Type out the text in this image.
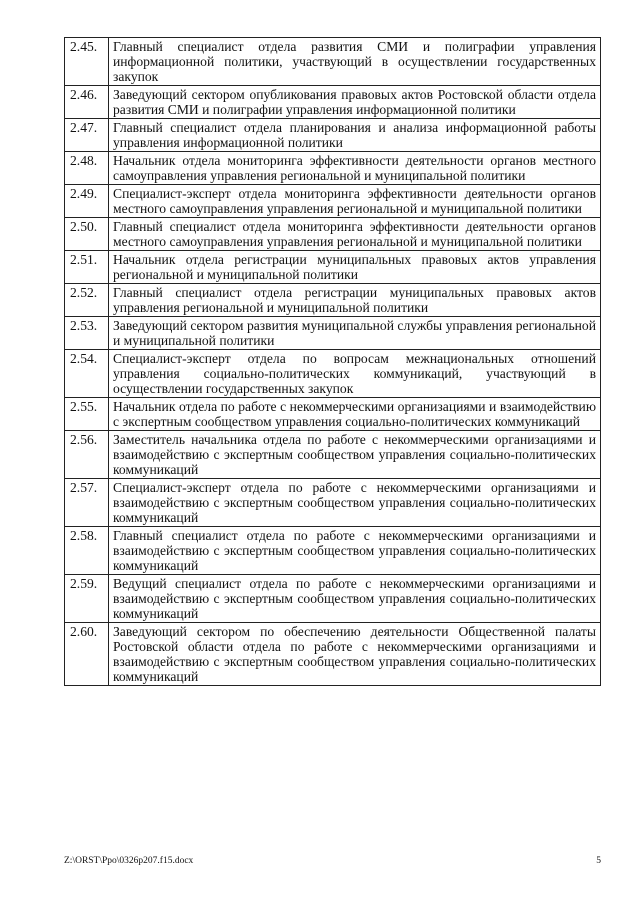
2.45.	Главный специалист отдела развития СМИ и полиграфии управления информационной политики, участвующий в осуществлении государственных закупок
2.46.	Заведующий сектором опубликования правовых актов Ростовской области отдела развития СМИ и полиграфии управления информационной политики
2.47.	Главный специалист отдела планирования и анализа информационной работы управления информационной политики
2.48.	Начальник отдела мониторинга эффективности деятельности органов местного самоуправления управления региональной и муниципальной политики
2.49.	Специалист-эксперт отдела мониторинга эффективности деятельности органов местного самоуправления управления региональной и муниципальной политики
2.50.	Главный специалист отдела мониторинга эффективности деятельности органов местного самоуправления управления региональной и муниципальной политики
2.51.	Начальник отдела регистрации муниципальных правовых актов управления региональной и муниципальной политики
2.52.	Главный специалист отдела регистрации муниципальных правовых актов управления региональной и муниципальной политики
2.53.	Заведующий сектором развития муниципальной службы управления региональной и муниципальной политики
2.54.	Специалист-эксперт отдела по вопросам межнациональных отношений управления социально-политических коммуникаций, участвующий в осуществлении государственных закупок
2.55.	Начальник отдела по работе с некоммерческими организациями и взаимодействию с экспертным сообществом управления социально-политических коммуникаций
2.56.	Заместитель начальника отдела по работе с некоммерческими организациями и взаимодействию с экспертным сообществом управления социально-политических коммуникаций
2.57.	Специалист-эксперт отдела по работе с некоммерческими организациями и взаимодействию с экспертным сообществом управления социально-политических коммуникаций
2.58.	Главный специалист отдела по работе с некоммерческими организациями и взаимодействию с экспертным сообществом управления социально-политических коммуникаций
2.59.	Ведущий специалист отдела по работе с некоммерческими организациями и взаимодействию с экспертным сообществом управления социально-политических коммуникаций
2.60.	Заведующий сектором по обеспечению деятельности Общественной палаты Ростовской области отдела по работе с некоммерческими организациями и взаимодействию с экспертным сообществом управления социально-политических коммуникаций
Z:\ORST\Ppo\0326p207.f15.docx	5
